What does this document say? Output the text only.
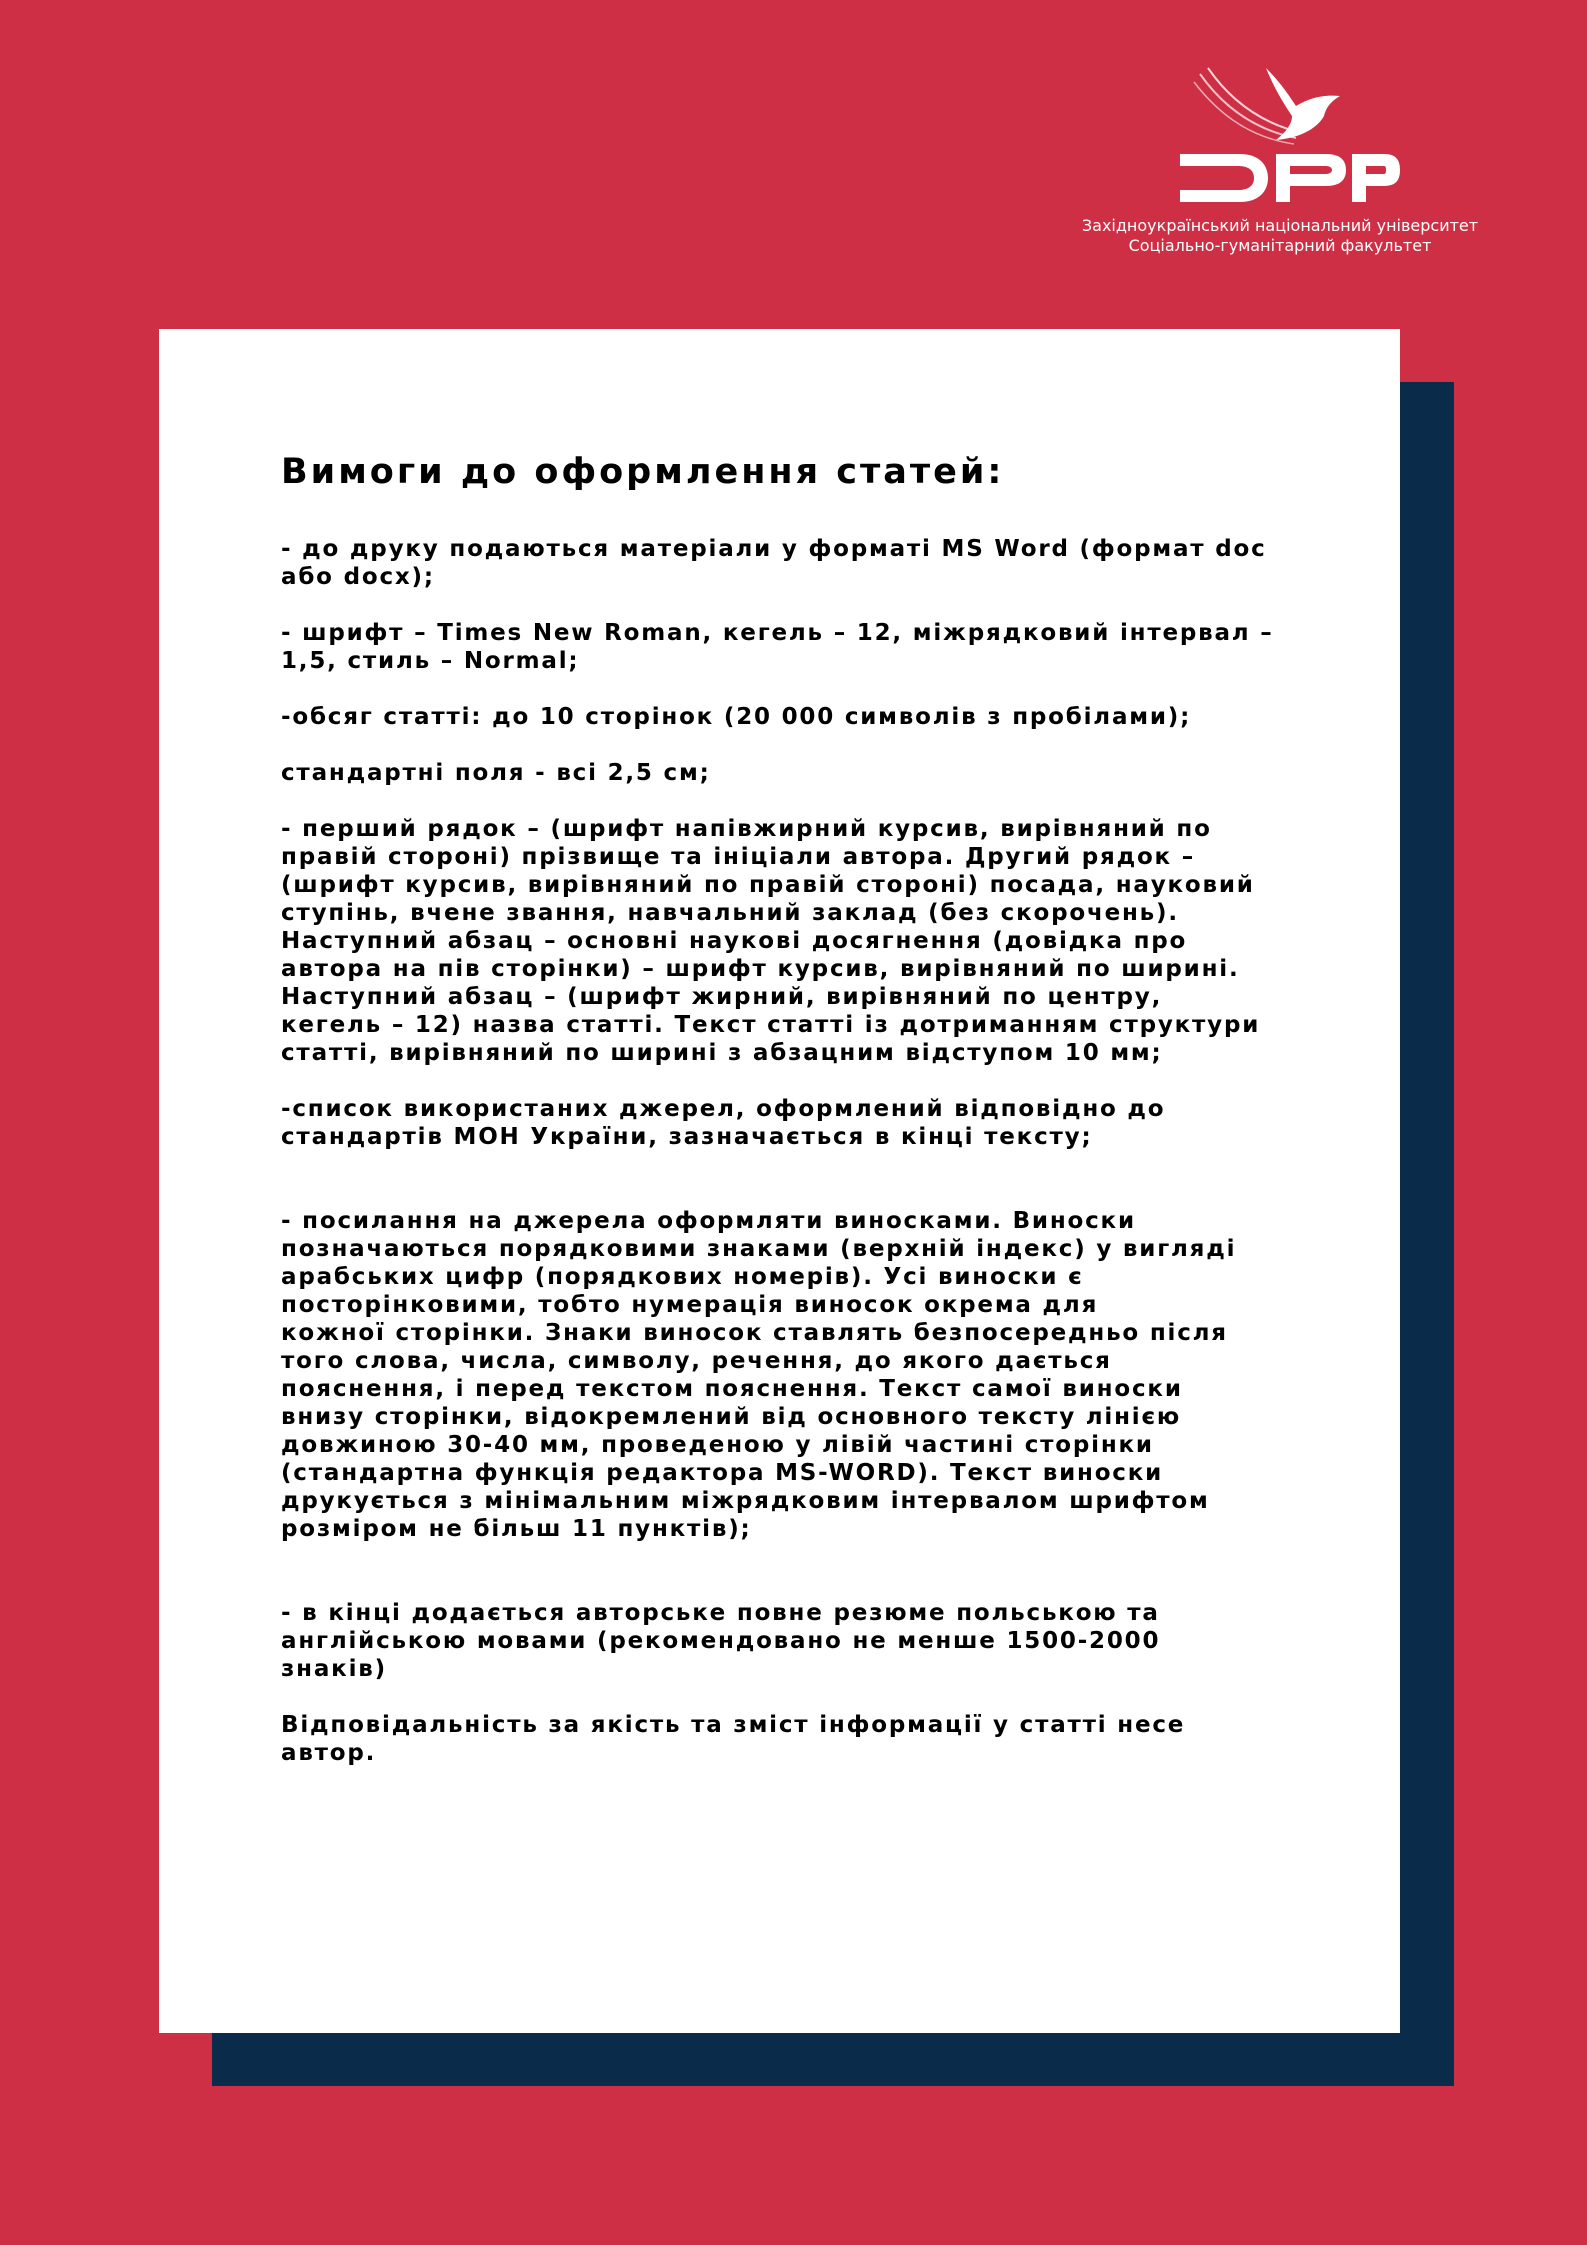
Західноукраїнський національний університет
Соціально-гуманітарний факультет
Вимоги до оформлення статей:

- до друку подаються матеріали у форматі MS Word (формат doc
або docx);

- шрифт – Times New Roman, кегель – 12, міжрядковий інтервал –
1,5, стиль – Normal;

-обсяг статті: до 10 сторінок (20 000 символів з пробілами);

стандартні поля - всі 2,5 см;

- перший рядок – (шрифт напівжирний курсив, вирівняний по
правій стороні) прізвище та ініціали автора. Другий рядок –
(шрифт курсив, вирівняний по правій стороні) посада, науковий
ступінь, вчене звання, навчальний заклад (без скорочень).
Наступний абзац – основні наукові досягнення (довідка про
автора на пів сторінки) – шрифт курсив, вирівняний по ширині.
Наступний абзац – (шрифт жирний, вирівняний по центру,
кегель – 12) назва статті. Текст статті із дотриманням структури
статті, вирівняний по ширині з абзацним відступом 10 мм;

-список використаних джерел, оформлений відповідно до
стандартів МОН України, зазначається в кінці тексту;

- посилання на джерела оформляти виносками. Виноски
позначаються порядковими знаками (верхній індекс) у вигляді
арабських цифр (порядкових номерів). Усі виноски є
посторінковими, тобто нумерація виносок окрема для
кожної сторінки. Знаки виносок ставлять безпосередньо після
того слова, числа, символу, речення, до якого дається
пояснення, і перед текстом пояснення. Текст самої виноски
внизу сторінки, відокремлений від основного тексту лінією
довжиною 30-40 мм, проведеною у лівій частині сторінки
(стандартна функція редактора MS-WORD). Текст виноски
друкується з мінімальним міжрядковим інтервалом шрифтом
розміром не більш 11 пунктів);

- в кінці додається авторське повне резюме польською та
англійською мовами (рекомендовано не менше 1500-2000
знаків)

Відповідальність за якість та зміст інформації у статті несе
автор.
